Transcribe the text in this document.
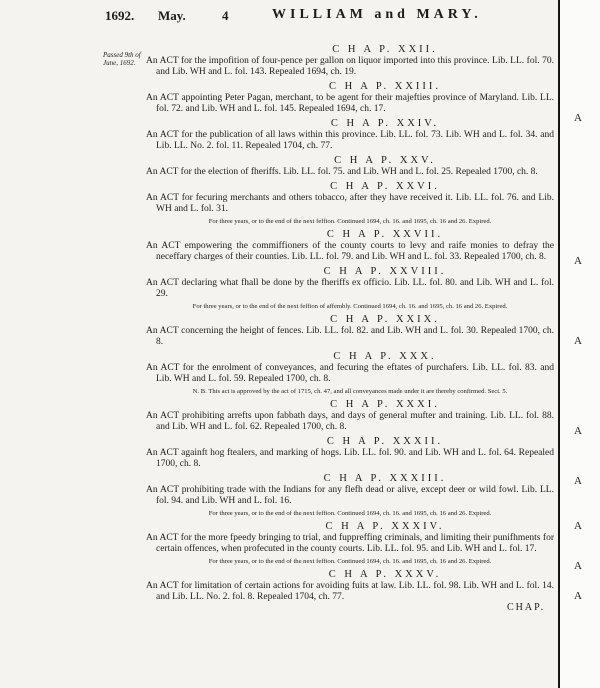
1692. May.	4	WILLIAM and MARY.
Passed 9th of June, 1692.
C H A P. XXII.
An ACT for the impofition of four-pence per gallon on liquor imported into this province. Lib. LL. fol. 70. and Lib. WH and L. fol. 143. Repealed 1694, ch. 19.
C H A P. XXIII.
An ACT appointing Peter Pagan, merchant, to be agent for their majefties province of Maryland. Lib. LL. fol. 72. and Lib. WH and L. fol. 145. Repealed 1694, ch. 17.
C H A P. XXIV.
An ACT for the publication of all laws within this province. Lib. LL. fol. 73. Lib. WH and L. fol. 34. and Lib. LL. No. 2. fol. 11. Repealed 1704, ch. 77.
C H A P. XXV.
An ACT for the election of fheriffs. Lib. LL. fol. 75. and Lib. WH and L. fol. 25. Repealed 1700, ch. 8.
C H A P. XXVI.
An ACT for fecuring merchants and others tobacco, after they have received it. Lib. LL. fol. 76. and Lib. WH and L. fol. 31.
For three years, or to the end of the next feffion. Continued 1694, ch. 16. and 1695, ch. 16 and 26. Expired.
C H A P. XXVII.
An ACT empowering the commiffioners of the county courts to levy and raife monies to defray the neceffary charges of their counties. Lib. LL. fol. 79. and Lib. WH and L. fol. 33. Repealed 1700, ch. 8.
C H A P. XXVIII.
An ACT declaring what fhall be done by the fheriffs ex officio. Lib. LL. fol. 80. and Lib. WH and L. fol. 29.
For three years, or to the end of the next feffion of affembly. Continued 1694, ch. 16. and 1695, ch. 16 and 26. Expired.
C H A P. XXIX.
An ACT concerning the height of fences. Lib. LL. fol. 82. and Lib. WH and L. fol. 30. Repealed 1700, ch. 8.
C H A P. XXX.
An ACT for the enrolment of conveyances, and fecuring the eftates of purchafers. Lib. LL. fol. 83. and Lib. WH and L. fol. 59. Repealed 1700, ch. 8.
N. B. This act is approved by the act of 1715, ch. 47, and all conveyances made under it are thereby confirmed. Sect. 5.
C H A P. XXXI.
An ACT prohibiting arrefts upon fabbath days, and days of general mufter and training. Lib. LL. fol. 88. and Lib. WH and L. fol. 62. Repealed 1700, ch. 8.
C H A P. XXXII.
An ACT againft hog ftealers, and marking of hogs. Lib. LL. fol. 90. and Lib. WH and L. fol. 64. Repealed 1700, ch. 8.
C H A P. XXXIII.
An ACT prohibiting trade with the Indians for any flefh dead or alive, except deer or wild fowl. Lib. LL. fol. 94. and Lib. WH and L. fol. 16.
For three years, or to the end of the next feffion. Continued 1694, ch. 16. and 1695, ch. 16 and 26. Expired.
C H A P. XXXIV.
An ACT for the more fpeedy bringing to trial, and fuppreffing criminals, and limiting their punifhments for certain offences, when profecuted in the county courts. Lib. LL. fol. 95. and Lib. WH and L. fol. 17.
For three years, or to the end of the next feffion. Continued 1694, ch. 16. and 1695, ch. 16 and 26. Expired.
C H A P. XXXV.
An ACT for limitation of certain actions for avoiding fuits at law. Lib. LL. fol. 98. Lib. WH and L. fol. 14. and Lib. LL. No. 2. fol. 8. Repealed 1704, ch. 77.
CHAP.
A
A
A
A
A
A
A
A
